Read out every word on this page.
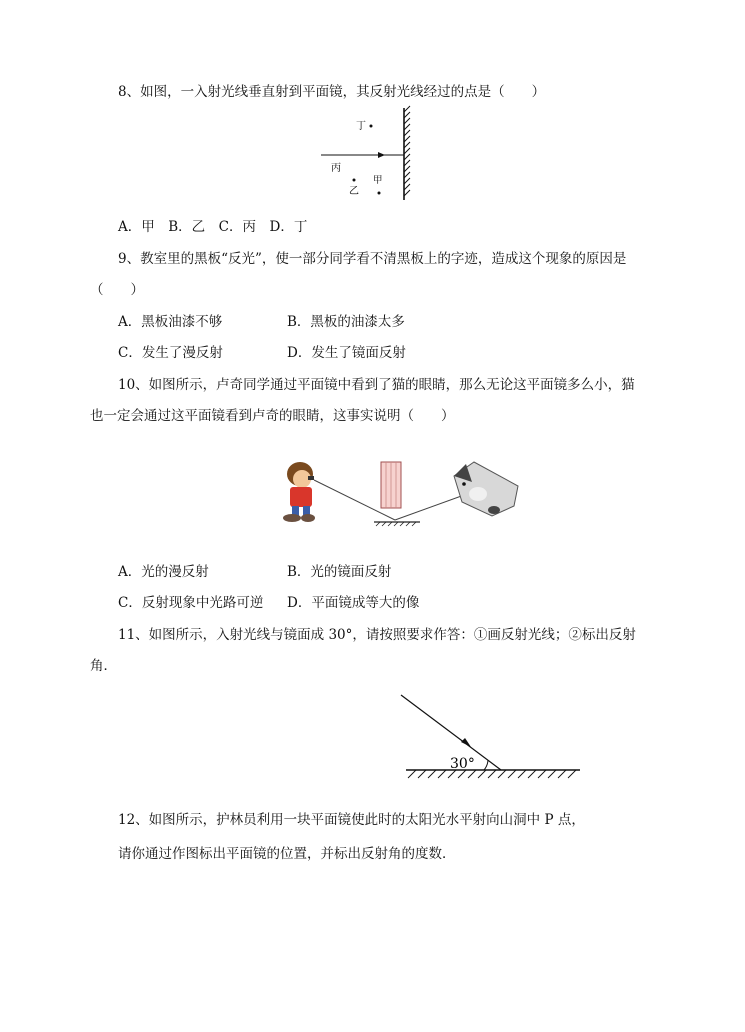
8、如图，一入射光线垂直射到平面镜，其反射光线经过的点是（　　）
丁
丙
甲
乙
A．甲　B．乙　C．丙　D．丁
9、教室里的黑板“反光”，使一部分同学看不清黑板上的字迹，造成这个现象的原因是
（　　）
A．黑板油漆不够	B．黑板的油漆太多
C．发生了漫反射	D．发生了镜面反射
10、如图所示，卢奇同学通过平面镜中看到了猫的眼睛，那么无论这平面镜多么小，猫
也一定会通过这平面镜看到卢奇的眼睛，这事实说明（　　）
A．光的漫反射	B．光的镜面反射
C．反射现象中光路可逆 D．平面镜成等大的像
11、如图所示，入射光线与镜面成 30°，请按照要求作答：①画反射光线；②标出反射
角．
30°
12、如图所示，护林员利用一块平面镜使此时的太阳光水平射向山洞中 P 点，
请你通过作图标出平面镜的位置，并标出反射角的度数．
